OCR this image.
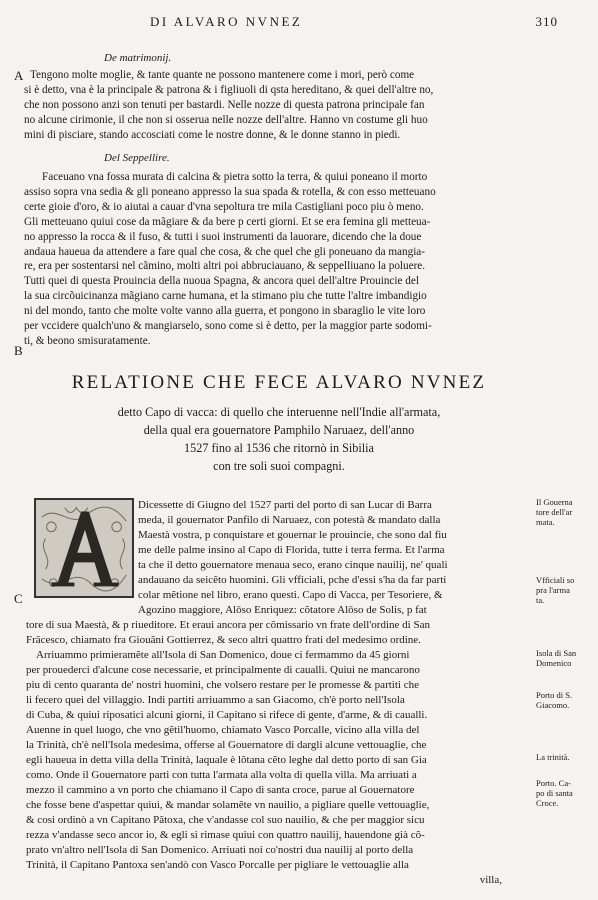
DI ALVARO NVNEZ	310
A
B
C
De matrimonij.
Tengono molte moglie, & tante quante ne possono mantenere come i mori, però come
si è detto, vna è la principale & patrona & i figliuoli di qsta hereditano, & quei dell'altre no,
che non possono anzi son tenuti per bastardi. Nelle nozze di questa patrona principale fan
no alcune cirimonie, il che non si osserua nelle nozze dell'altre. Hanno vn costume gli huo
mini di pisciare, stando accosciati come le nostre donne, & le donne stanno in piedi.
Del Seppellire.
Faceuano vna fossa murata di calcina & pietra sotto la terra, & quiui poneano il morto
assiso sopra vna sedia & gli poneano appresso la sua spada & rotella, & con esso metteuano
certe gioie d'oro, & io aiutai a cauar d'vna sepoltura tre mila Castigliani poco piu ò meno.
Gli metteuano quiui cose da mãgiare & da bere p certi giorni. Et se era femina gli metteua-
no appresso la rocca & il fuso, & tutti i suoi instrumenti da lauorare, dicendo che la doue
andaua haueua da attendere a fare qual che cosa, & che quel che gli poneuano da mangia-
re, era per sostentarsi nel cãmino, molti altri poi abbruciauano, & seppelliuano la poluere.
Tutti quei di questa Prouincia della nuoua Spagna, & ancora quei dell'altre Prouincie del
la sua circõuicinanza mãgiano carne humana, et la stimano piu che tutte l'altre imbandigio
ni del mondo, tanto che molte volte vanno alla guerra, et pongono in sbaraglio le vite loro
per vccidere qualch'uno & mangiarselo, sono come si è detto, per la maggior parte sodomi-
ti, & beono smisuratamente.
RELATIONE CHE FECE ALVARO NVNEZ
detto Capo di vacca: di quello che interuenne nell'Indie all'armata,
della qual era gouernatore Pamphilo Naruaez, dell'anno
1527 fino al 1536 che ritornò in Sibilia
con tre soli suoi compagni.
Dicessette di Giugno del 1527 parti del porto di san Lucar di Barra
meda, il gouernator Panfilo di Naruaez, con potestà & mandato dalla
Maestà vostra, p conquistare et gouernar le prouincie, che sono dal fiu
me delle palme insino al Capo di Florida, tutte i terra ferma. Et l'arma
ta che il detto gouernatore menaua seco, erano cinque nauilij, ne' quali
andauano da seicẽto huomini. Gli vfficiali, pche d'essi s'ha da far parti
colar mẽtione nel libro, erano questi. Capo di Vacca, per Tesoriere, &
Agozino maggiore, Alōso Enriquez: cõtatore Alōso de Solis, p fat
tore di sua Maestà, & p riueditore. Et eraui ancora per cõmissario vn frate dell'ordine di San
Frãcesco, chiamato fra Giouãni Gottierrez, & seco altri quattro frati del medesimo ordine.
Arriuammo primieramẽte all'Isola di San Domenico, doue ci fermammo da 45 giorni
per prouederci d'alcune cose necessarie, et principalmente di caualli. Quiui ne mancarono
piu di cento quaranta de' nostri huomini, che volsero restare per le promesse & partiti che
li fecero quei del villaggio. Indi partiti arriuammo a san Giacomo, ch'è porto nell'Isola
di Cuba, & quiui riposatici alcuni giorni, il Capitano si rifece di gente, d'arme, & di caualli.
Auenne in quel luogo, che vno gẽtil'huomo, chiamato Vasco Porcalle, vicino alla villa del
la Trinità, ch'è nell'Isola medesima, offerse al Gouernatore di dargli alcune vettouaglie, che
egli haueua in detta villa della Trinità, laquale è lõtana cẽto leghe dal detto porto di san Gia
como. Onde il Gouernatore parti con tutta l'armata alla volta di quella villa. Ma arriuati a
mezzo il cammino a vn porto che chiamano il Capo di santa croce, parue al Gouernatore
che fosse bene d'aspettar quiui, & mandar solamẽte vn nauilio, a pigliare quelle vettouaglie,
& cosi ordinò a vn Capitano Pãtoxa, che v'andasse col suo nauilio, & che per maggior sicu
rezza v'andasse seco ancor io, & egli si rimase quiui con quattro nauilij, hauendone già cõ-
prato vn'altro nell'Isola di San Domenico. Arriuati noi co'nostri dua nauilij al porto della
Trinità, il Capitano Pantoxa sen'andò con Vasco Porcalle per pigliare le vettouaglie alla
villa,
Il Gouerna
tore dell'ar
mata.
Vfficiali so
pra l'arma
ta.
Isola di San
Domenico
Porto di S.
Giacomo.
La trinità.
Porto. Ca-
po di santa
Croce.
